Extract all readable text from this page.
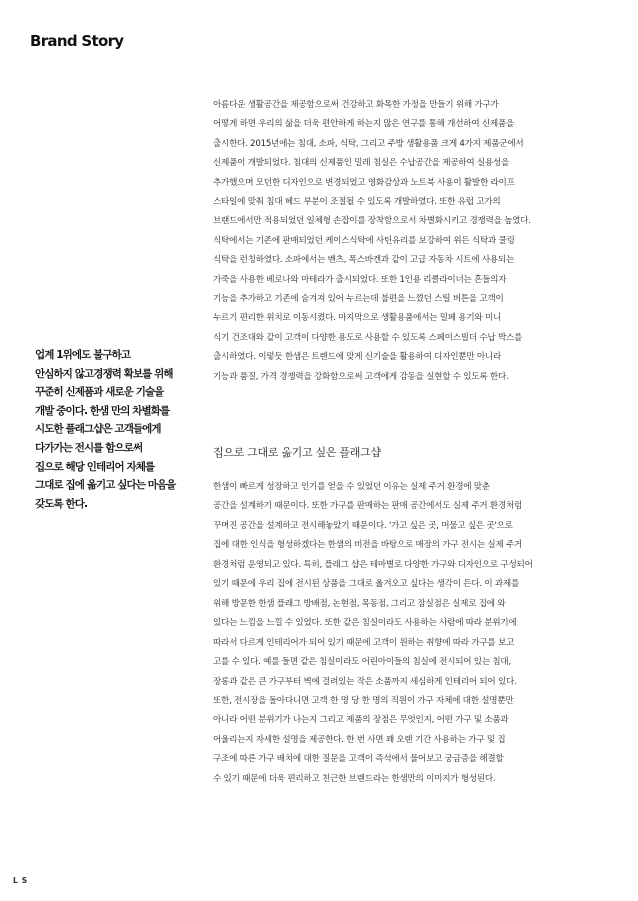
Brand Story
아름다운 생활공간을 제공함으로써 건강하고 화목한 가정을 만들기 위해 가구가
어떻게 하면 우리의 삶을 더욱 편안하게 하는지 많은 연구를 통해 개선하여 신제품을
출시한다. 2015년에는 침대, 소파, 식탁, 그리고 주방 생활용품 크게 4가지 제품군에서
신제품이 개발되었다. 침대의 신제품인 밀레 침실은 수납공간을 제공하여 실용성을
추가했으며 모던한 디자인으로 변경되었고 영화감상과 노트북 사용이 활발한 라이프
스타일에 맞춰 침대 헤드 부분이 조절될 수 있도록 개발하였다. 또한 유럽 고가의
브랜드에서만 적용되었던 일체형 손잡이를 장착함으로서 차별화시키고 경쟁력을 높였다.
식탁에서는 기존에 판매되었던 케이스식탁에 사틴유리를 보강하여 위든 식탁과 쿨링
식탁을 런칭하였다. 소파에서는 벤츠, 폭스바겐과 같이 고급 자동차 시트에 사용되는
가죽을 사용한 베로나와 마테라가 출시되었다. 또한 1인용 리클라이너는 흔들의자
기능을 추가하고 기존에 숨겨져 있어 누르는데 불편을 느꼈던 스틸 버튼을 고객이
누르기 편리한 위치로 이동시켰다. 마지막으로 생활용품에서는 밀페 용기와 미니
식기 건조대와 같이 고객이 다양한 용도로 사용할 수 있도록 스페이스빌더 수납 박스를
출시하였다. 이렇듯 한샘은 트렌드에 맞게 신기술을 활용하여 디자인뿐만 아니라
기능과 품질, 가격 경쟁력을 강화함으로써 고객에게 감동을 실현할 수 있도록 한다.
업계 1위에도 불구하고
안심하지 않고경쟁력 확보를 위해
꾸준히 신제품과 새로운 기술을
개발 중이다. 한샘 만의 차별화를
시도한 플래그샵은 고객들에게
다가가는 전시를 함으로써
집으로 해당 인테리어 자체를
그대로 집에 옮기고 싶다는 마음을
갖도록 한다.
집으로 그대로 옮기고 싶은 플래그샵
한샘이 빠르게 성장하고 인기를 얻을 수 있었던 이유는 실제 주거 환경에 맞춘
공간을 설계하기 때문이다. 또한 가구를 판매하는 판매 공간에서도 실제 주거 환경처럼
꾸며진 공간을 설계하고 전시해놓았기 때문이다. '가고 싶은 곳, 머물고 싶은 곳'으로
집에 대한 인식을 형성하겠다는 한샘의 비전을 바탕으로 매장의 가구 전시는 실제 주거
환경처럼 운영되고 있다. 특히, 플래그 샵은 테마별로 다양한 가구와 디자인으로 구성되어
있기 때문에 우리 집에 전시된 상품을 그대로 옮겨오고 싶다는 생각이 든다. 이 과제를
위해 방문한 한샘 플래그 방배점, 논현점, 목동점, 그리고 잠실점은 실제로 집에 와
있다는 느낌을 느낄 수 있었다. 또한 같은 침실이라도 사용하는 사람에 따라 분위기에
따라서 다르게 인테리어가 되어 있기 때문에 고객이 원하는 취향에 따라 가구를 보고
고를 수 있다. 예를 들면 같은 침실이라도 어린아이들의 침실에 전시되어 있는 침대,
장롱과 같은 큰 가구부터 벽에 걸려있는 작은 소품까지 세심하게 인테리어 되어 있다.
또한, 전시장을 돌아다니면 고객 한 명 당 한 명의 직원이 가구 자체에 대한 설명뿐만
아니라 어떤 분위기가 나는지 그리고 제품의 장점은 무엇인지, 어떤 가구 및 소품과
어울리는지 자세한 설명을 제공한다. 한 번 사면 꽤 오랜 기간 사용하는 가구 및 집
구조에 따른 가구 배치에 대한 질문을 고객이 즉석에서 물어보고 궁금증을 해결할
수 있기 때문에 더욱 편리하고 친근한 브랜드라는 한샘만의 이미지가 형성된다.
LS
